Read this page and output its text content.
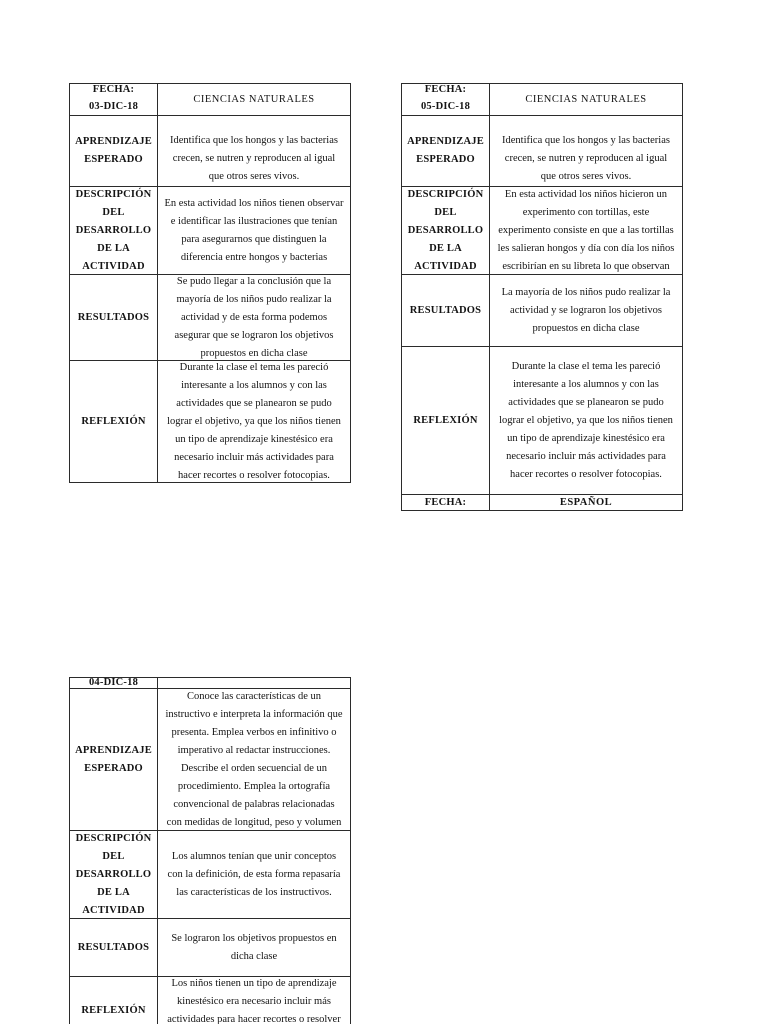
FECHA:
03-DIC-18
CIENCIAS NATURALES
APRENDIZAJE
ESPERADO
Identifica que los hongos y las bacterias
crecen, se nutren y reproducen al igual
que otros seres vivos.
DESCRIPCIÓN
DEL
DESARROLLO
DE LA
ACTIVIDAD
En esta actividad los niños tienen observar
e identificar las ilustraciones que tenían
para asegurarnos que distinguen la
diferencia entre hongos y bacterias
RESULTADOS
Se pudo llegar a la conclusión que la
mayoría de los niños pudo realizar la
actividad y de esta forma podemos
asegurar que se lograron los objetivos
propuestos en dicha clase
REFLEXIÓN
Durante la clase el tema les pareció
interesante a los alumnos y con las
actividades que se planearon se pudo
lograr el objetivo, ya que los niños tienen
un tipo de aprendizaje kinestésico era
necesario incluir más actividades para
hacer recortes o resolver fotocopias.
FECHA:
05-DIC-18
CIENCIAS NATURALES
APRENDIZAJE
ESPERADO
Identifica que los hongos y las bacterias
crecen, se nutren y reproducen al igual
que otros seres vivos.
DESCRIPCIÓN
DEL
DESARROLLO
DE LA
ACTIVIDAD
En esta actividad los niños hicieron un
experimento con tortillas, este
experimento consiste en que a las tortillas
les salieran hongos y día con día los niños
escribirían en su libreta lo que observan
RESULTADOS
La mayoría de los niños pudo realizar la
actividad y se lograron los objetivos
propuestos en dicha clase
REFLEXIÓN
Durante la clase el tema les pareció
interesante a los alumnos y con las
actividades que se planearon se pudo
lograr el objetivo, ya que los niños tienen
un tipo de aprendizaje kinestésico era
necesario incluir más actividades para
hacer recortes o resolver fotocopias.
FECHA:	ESPAÑOL
04-DIC-18
APRENDIZAJE
ESPERADO
Conoce las características de un
instructivo e interpreta la información que
presenta. Emplea verbos en infinitivo o
imperativo al redactar instrucciones.
Describe el orden secuencial de un
procedimiento. Emplea la ortografía
convencional de palabras relacionadas
con medidas de longitud, peso y volumen
DESCRIPCIÓN
DEL
DESARROLLO
DE LA
ACTIVIDAD
Los alumnos tenían que unir conceptos
con la definición, de esta forma repasaría
las características de los instructivos.
RESULTADOS
Se lograron los objetivos propuestos en
dicha clase
REFLEXIÓN
Los niños tienen un tipo de aprendizaje
kinestésico era necesario incluir más
actividades para hacer recortes o resolver
